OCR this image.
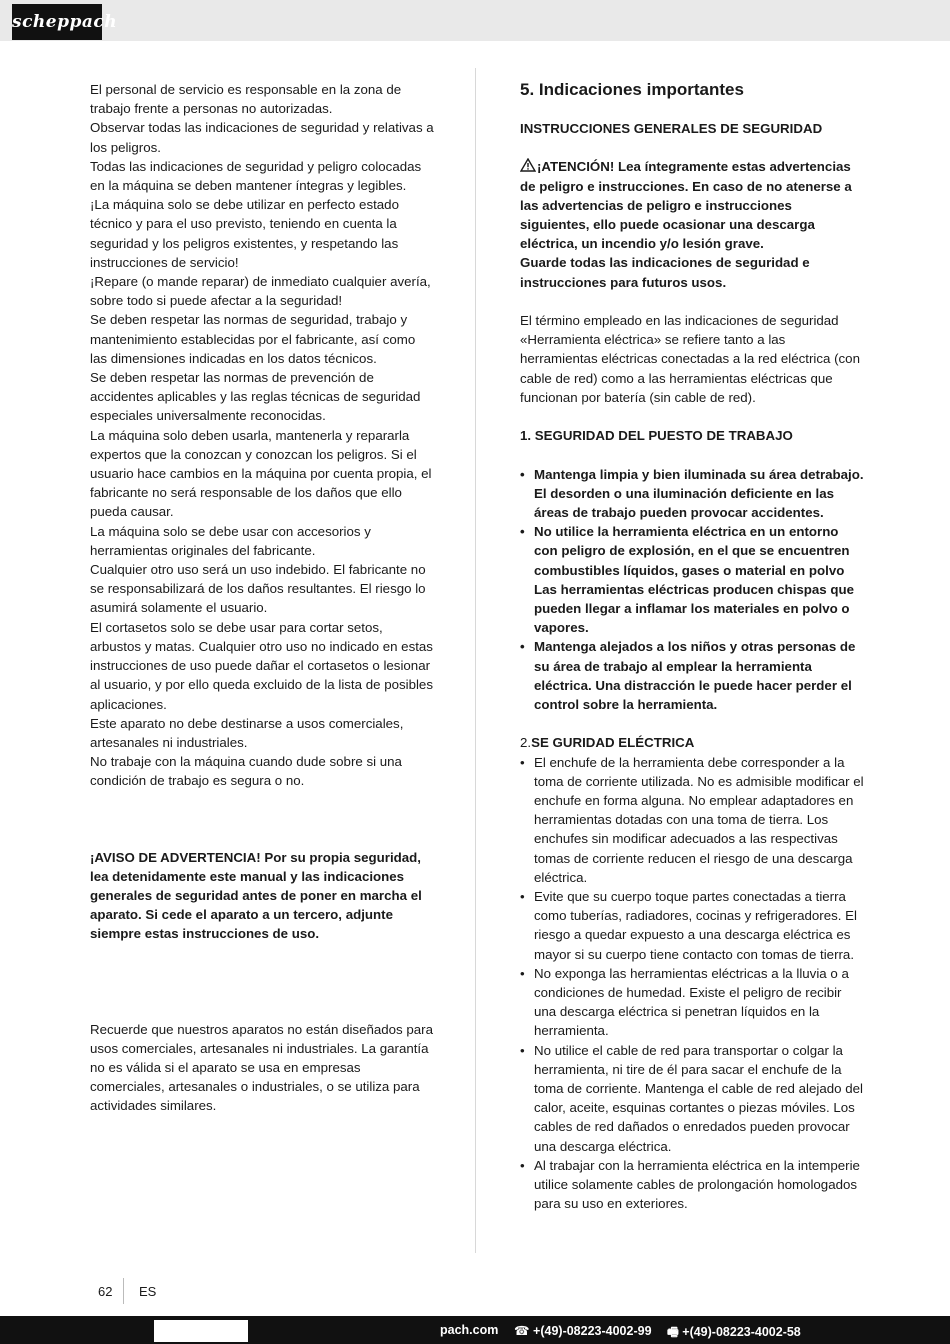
scheppach

El personal de servicio es responsable en la zona de trabajo frente a personas no autorizadas.

Observar todas las indicaciones de seguridad y relativas a los peligros.

Todas las indicaciones de seguridad y peligro colocadas en la máquina se deben mantener íntegras y legibles.

¡La máquina solo se debe utilizar en perfecto estado técnico y para el uso previsto, teniendo en cuenta la seguridad y los peligros existentes, y respetando las instrucciones de servicio!

¡Repare (o mande reparar) de inmediato cualquier avería, sobre todo si puede afectar a la seguridad!

Se deben respetar las normas de seguridad, trabajo y mantenimiento establecidas por el fabricante, así como las dimensiones indicadas en los datos técnicos.

Se deben respetar las normas de prevención de accidentes aplicables y las reglas técnicas de seguridad especiales universalmente reconocidas.

La máquina solo deben usarla, mantenerla y repararla expertos que la conozcan y conozcan los peligros. Si el usuario hace cambios en la máquina por cuenta propia, el fabricante no será responsable de los daños que ello pueda causar.

La máquina solo se debe usar con accesorios y herramientas originales del fabricante.

Cualquier otro uso será un uso indebido. El fabricante no se responsabilizará de los daños resultantes. El riesgo lo asumirá solamente el usuario.

El cortasetos solo se debe usar para cortar setos, arbustos y matas. Cualquier otro uso no indicado en estas instrucciones de uso puede dañar el cortasetos o lesionar al usuario, y por ello queda excluido de la lista de posibles aplicaciones.

Este aparato no debe destinarse a usos comerciales, artesanales ni industriales.

No trabaje con la máquina cuando dude sobre si una condición de trabajo es segura o no.

¡AVISO DE ADVERTENCIA! Por su propia seguridad, lea detenidamente este manual y las indicaciones generales de seguridad antes de poner en marcha el aparato. Si cede el aparato a un tercero, adjunte siempre estas instrucciones de uso.

Recuerde que nuestros aparatos no están diseñados para usos comerciales, artesanales ni industriales. La garantía no es válida si el aparato se usa en empresas comerciales, artesanales o industriales, o se utiliza para actividades similares.

5. Indicaciones importantes

INSTRUCCIONES GENERALES DE SEGURIDAD

¡ATENCIÓN! Lea íntegramente estas advertencias de peligro e instrucciones. En caso de no atenerse a las advertencias de peligro e instrucciones siguientes, ello puede ocasionar una descarga eléctrica, un incendio y/o lesión grave.

Guarde todas las indicaciones de seguridad e instrucciones para futuros usos.

El término empleado en las indicaciones de seguridad «Herramienta eléctrica» se refiere tanto a las herramientas eléctricas conectadas a la red eléctrica (con cable de red) como a las herramientas eléctricas que funcionan por batería (sin cable de red).

1. SEGURIDAD DEL PUESTO DE TRABAJO

• Mantenga limpia y bien iluminada su área detrabajo. El desorden o una iluminación deficiente en las áreas de trabajo pueden provocar accidentes.
• No utilice la herramienta eléctrica en un entorno con peligro de explosión, en el que se encuentren combustibles líquidos, gases o material en polvo Las herramientas eléctricas producen chispas que pueden llegar a inflamar los materiales en polvo o vapores.
• Mantenga alejados a los niños y otras personas de su área de trabajo al emplear la herramienta eléctrica. Una distracción le puede hacer perder el control sobre la herramienta.

2.SE GURIDAD ELÉCTRICA

• El enchufe de la herramienta debe corresponder a la toma de corriente utilizada. No es admisible modificar el enchufe en forma alguna. No emplear adaptadores en herramientas dotadas con una toma de tierra. Los enchufes sin modificar adecuados a las respectivas tomas de corriente reducen el riesgo de una descarga eléctrica.
• Evite que su cuerpo toque partes conectadas a tierra como tuberías, radiadores, cocinas y refrigeradores. El riesgo a quedar expuesto a una descarga eléctrica es mayor si su cuerpo tiene contacto con tomas de tierra.
• No exponga las herramientas eléctricas a la lluvia o a condiciones de humedad. Existe el peligro de recibir una descarga eléctrica si penetran líquidos en la herramienta.
• No utilice el cable de red para transportar o colgar la herramienta, ni tire de él para sacar el enchufe de la toma de corriente. Mantenga el cable de red alejado del calor, aceite, esquinas cortantes o piezas móviles. Los cables de red dañados o enredados pueden provocar una descarga eléctrica.
• Al trabajar con la herramienta eléctrica en la intemperie utilice solamente cables de prolongación homologados para su uso en exteriores.
62 ES
pach.com ☎ +(49)-08223-4002-99 🖷 +(49)-08223-4002-58
